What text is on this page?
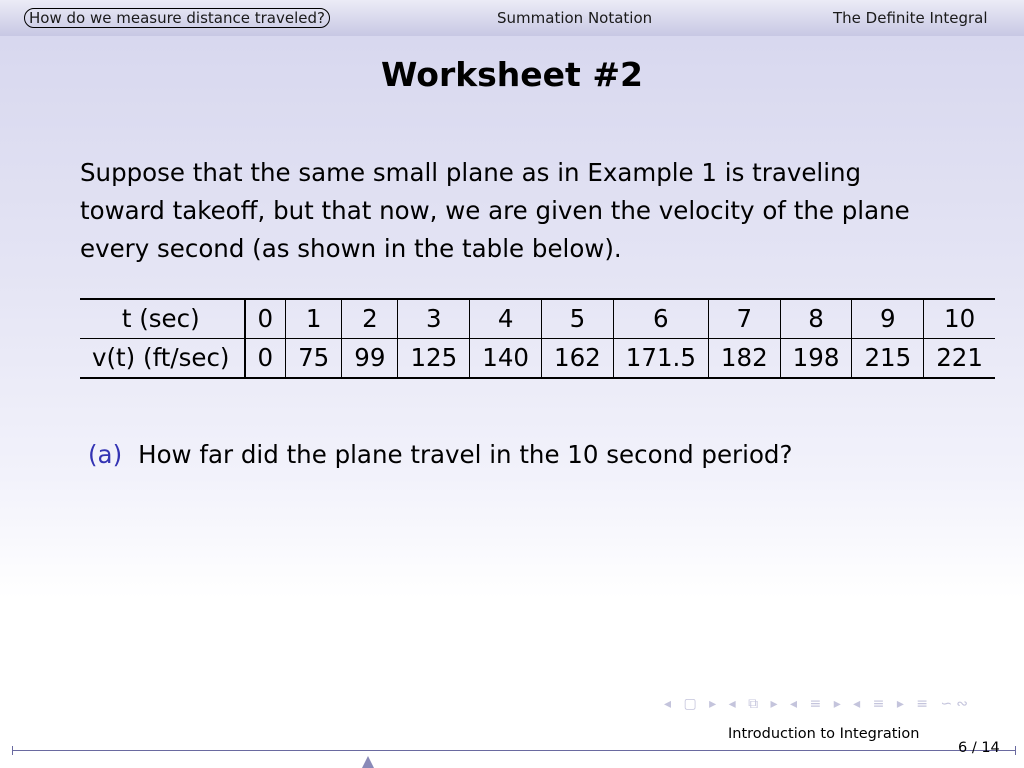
How do we measure distance traveled?	Summation Notation	The Definite Integral
Worksheet #2
Suppose that the same small plane as in Example 1 is traveling
toward takeoff, but that now, we are given the velocity of the plane
every second (as shown in the table below).
t (sec)	0	1	2	3	4	5	6	7	8	9	10
v(t) (ft/sec)	0	75	99	125	140	162	171.5	182	198	215	221
(a) How far did the plane travel in the 10 second period?
◂ ▢ ▸ ◂ ⧉ ▸ ◂ ≡ ▸ ◂ ≡ ▸ ≡ ∽∾
Introduction to Integration
6 / 14
